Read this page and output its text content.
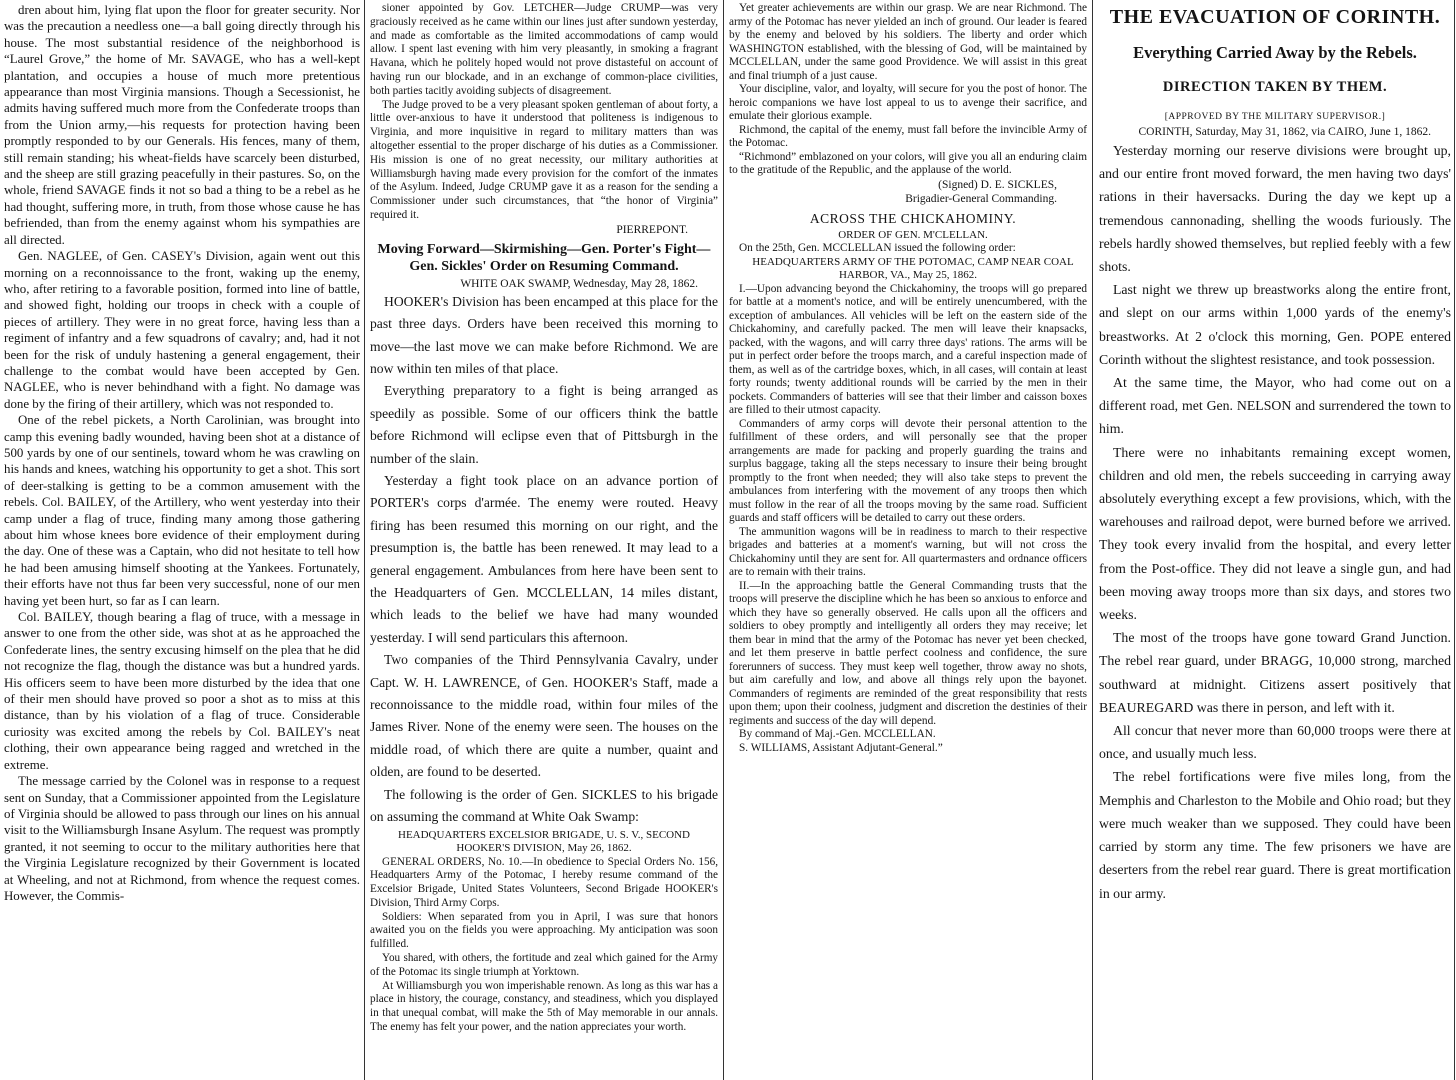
dren about him, lying flat upon the floor for greater security. Nor was the precaution a needless one—a ball going directly through his house. The most substantial residence of the neighborhood is “Laurel Grove,” the home of Mr. SAVAGE, who has a well-kept plantation, and occupies a house of much more pretentious appearance than most Virginia mansions. Though a Secessionist, he admits having suffered much more from the Confederate troops than from the Union army,—his requests for protection having been promptly responded to by our Generals. His fences, many of them, still remain standing; his wheat-fields have scarcely been disturbed, and the sheep are still grazing peacefully in their pastures. So, on the whole, friend SAVAGE finds it not so bad a thing to be a rebel as he had thought, suffering more, in truth, from those whose cause he has befriended, than from the enemy against whom his sympathies are all directed.

Gen. NAGLEE, of Gen. CASEY's Division, again went out this morning on a reconnoissance to the front, waking up the enemy, who, after retiring to a favorable position, formed into line of battle, and showed fight, holding our troops in check with a couple of pieces of artillery. They were in no great force, having less than a regiment of infantry and a few squadrons of cavalry; and, had it not been for the risk of unduly hastening a general engagement, their challenge to the combat would have been accepted by Gen. NAGLEE, who is never behindhand with a fight. No damage was done by the firing of their artillery, which was not responded to.

One of the rebel pickets, a North Carolinian, was brought into camp this evening badly wounded, having been shot at a distance of 500 yards by one of our sentinels, toward whom he was crawling on his hands and knees, watching his opportunity to get a shot. This sort of deer-stalking is getting to be a common amusement with the rebels. Col. BAILEY, of the Artillery, who went yesterday into their camp under a flag of truce, finding many among those gathering about him whose knees bore evidence of their employment during the day. One of these was a Captain, who did not hesitate to tell how he had been amusing himself shooting at the Yankees. Fortunately, their efforts have not thus far been very successful, none of our men having yet been hurt, so far as I can learn.

Col. BAILEY, though bearing a flag of truce, with a message in answer to one from the other side, was shot at as he approached the Confederate lines, the sentry excusing himself on the plea that he did not recognize the flag, though the distance was but a hundred yards. His officers seem to have been more disturbed by the idea that one of their men should have proved so poor a shot as to miss at this distance, than by his violation of a flag of truce. Considerable curiosity was excited among the rebels by Col. BAILEY's neat clothing, their own appearance being ragged and wretched in the extreme.

The message carried by the Colonel was in response to a request sent on Sunday, that a Commissioner appointed from the Legislature of Virginia should be allowed to pass through our lines on his annual visit to the Williamsburgh Insane Asylum. The request was promptly granted, it not seeming to occur to the military authorities here that the Virginia Legislature recognized by their Government is located at Wheeling, and not at Richmond, from whence the request comes. However, the Commis-

sioner appointed by Gov. LETCHER—Judge CRUMP—was very graciously received as he came within our lines just after sundown yesterday, and made as comfortable as the limited accommodations of camp would allow. I spent last evening with him very pleasantly, in smoking a fragrant Havana, which he politely hoped would not prove distasteful on account of having run our blockade, and in an exchange of common-place civilities, both parties tacitly avoiding subjects of disagreement.

The Judge proved to be a very pleasant spoken gentleman of about forty, a little over-anxious to have it understood that politeness is indigenous to Virginia, and more inquisitive in regard to military matters than was altogether essential to the proper discharge of his duties as a Commissioner. His mission is one of no great necessity, our military authorities at Williamsburgh having made every provision for the comfort of the inmates of the Asylum. Indeed, Judge CRUMP gave it as a reason for the sending a Commissioner under such circumstances, that “the honor of Virginia” required it.

PIERREPONT.

Moving Forward—Skirmishing—Gen. Porter's Fight—Gen. Sickles' Order on Resuming Command.

WHITE OAK SWAMP, Wednesday, May 28, 1862.

HOOKER's Division has been encamped at this place for the past three days. Orders have been received this morning to move—the last move we can make before Richmond. We are now within ten miles of that place.

Everything preparatory to a fight is being arranged as speedily as possible. Some of our officers think the battle before Richmond will eclipse even that of Pittsburgh in the number of the slain.

Yesterday a fight took place on an advance portion of PORTER's corps d'armée. The enemy were routed. Heavy firing has been resumed this morning on our right, and the presumption is, the battle has been renewed. It may lead to a general engagement. Ambulances from here have been sent to the Headquarters of Gen. MCCLELLAN, 14 miles distant, which leads to the belief we have had many wounded yesterday. I will send particulars this afternoon.

Two companies of the Third Pennsylvania Cavalry, under Capt. W. H. LAWRENCE, of Gen. HOOKER's Staff, made a reconnoissance to the middle road, within four miles of the James River. None of the enemy were seen. The houses on the middle road, of which there are quite a number, quaint and olden, are found to be deserted.

The following is the order of Gen. SICKLES to his brigade on assuming the command at White Oak Swamp:

HEADQUARTERS EXCELSIOR BRIGADE, U. S. V., SECOND HOOKER'S DIVISION, May 26, 1862.

GENERAL ORDERS, No. 10.—In obedience to Special Orders No. 156, Headquarters Army of the Potomac, I hereby resume command of the Excelsior Brigade, United States Volunteers, Second Brigade HOOKER's Division, Third Army Corps.

Soldiers: When separated from you in April, I was sure that honors awaited you on the fields you were approaching. My anticipation was soon fulfilled.

You shared, with others, the fortitude and zeal which gained for the Army of the Potomac its single triumph at Yorktown.

At Williamsburgh you won imperishable renown. As long as this war has a place in history, the courage, constancy, and steadiness, which you displayed in that unequal combat, will make the 5th of May memorable in our annals. The enemy has felt your power, and the nation appreciates your worth.

Yet greater achievements are within our grasp. We are near Richmond. The army of the Potomac has never yielded an inch of ground. Our leader is feared by the enemy and beloved by his soldiers. The liberty and order which WASHINGTON established, with the blessing of God, will be maintained by MCCLELLAN, under the same good Providence. We will assist in this great and final triumph of a just cause.

Your discipline, valor, and loyalty, will secure for you the post of honor. The heroic companions we have lost appeal to us to avenge their sacrifice, and emulate their glorious example.

Richmond, the capital of the enemy, must fall before the invincible Army of the Potomac.

“Richmond” emblazoned on your colors, will give you all an enduring claim to the gratitude of the Republic, and the applause of the world.

(Signed) D. E. SICKLES,

Brigadier-General Commanding.

ACROSS THE CHICKAHOMINY.

ORDER OF GEN. M'CLELLAN.

On the 25th, Gen. MCCLELLAN issued the following order:

HEADQUARTERS ARMY OF THE POTOMAC, CAMP NEAR COAL HARBOR, VA., May 25, 1862.

I.—Upon advancing beyond the Chickahominy, the troops will go prepared for battle at a moment's notice, and will be entirely unencumbered, with the exception of ambulances. All vehicles will be left on the eastern side of the Chickahominy, and carefully packed. The men will leave their knapsacks, packed, with the wagons, and will carry three days' rations. The arms will be put in perfect order before the troops march, and a careful inspection made of them, as well as of the cartridge boxes, which, in all cases, will contain at least forty rounds; twenty additional rounds will be carried by the men in their pockets. Commanders of batteries will see that their limber and caisson boxes are filled to their utmost capacity.

Commanders of army corps will devote their personal attention to the fulfillment of these orders, and will personally see that the proper arrangements are made for packing and properly guarding the trains and surplus baggage, taking all the steps necessary to insure their being brought promptly to the front when needed; they will also take steps to prevent the ambulances from interfering with the movement of any troops then which must follow in the rear of all the troops moving by the same road. Sufficient guards and staff officers will be detailed to carry out these orders.

The ammunition wagons will be in readiness to march to their respective brigades and batteries at a moment's warning, but will not cross the Chickahominy until they are sent for. All quartermasters and ordnance officers are to remain with their trains.

II.—In the approaching battle the General Commanding trusts that the troops will preserve the discipline which he has been so anxious to enforce and which they have so generally observed. He calls upon all the officers and soldiers to obey promptly and intelligently all orders they may receive; let them bear in mind that the army of the Potomac has never yet been checked, and let them preserve in battle perfect coolness and confidence, the sure forerunners of success. They must keep well together, throw away no shots, but aim carefully and low, and above all things rely upon the bayonet. Commanders of regiments are reminded of the great responsibility that rests upon them; upon their coolness, judgment and discretion the destinies of their regiments and success of the day will depend.

By command of Maj.-Gen. MCCLELLAN.

S. WILLIAMS, Assistant Adjutant-General.”

THE EVACUATION OF CORINTH.

Everything Carried Away by the Rebels.

DIRECTION TAKEN BY THEM.

[APPROVED BY THE MILITARY SUPERVISOR.]

CORINTH, Saturday, May 31, 1862, via CAIRO, June 1, 1862.

Yesterday morning our reserve divisions were brought up, and our entire front moved forward, the men having two days' rations in their haversacks. During the day we kept up a tremendous cannonading, shelling the woods furiously. The rebels hardly showed themselves, but replied feebly with a few shots.

Last night we threw up breastworks along the entire front, and slept on our arms within 1,000 yards of the enemy's breastworks. At 2 o'clock this morning, Gen. POPE entered Corinth without the slightest resistance, and took possession.

At the same time, the Mayor, who had come out on a different road, met Gen. NELSON and surrendered the town to him.

There were no inhabitants remaining except women, children and old men, the rebels succeeding in carrying away absolutely everything except a few provisions, which, with the warehouses and railroad depot, were burned before we arrived. They took every invalid from the hospital, and every letter from the Post-office. They did not leave a single gun, and had been moving away troops more than six days, and stores two weeks.

The most of the troops have gone toward Grand Junction. The rebel rear guard, under BRAGG, 10,000 strong, marched southward at midnight. Citizens assert positively that BEAUREGARD was there in person, and left with it.

All concur that never more than 60,000 troops were there at once, and usually much less.

The rebel fortifications were five miles long, from the Memphis and Charleston to the Mobile and Ohio road; but they were much weaker than we supposed. They could have been carried by storm any time. The few prisoners we have are deserters from the rebel rear guard. There is great mortification in our army.
